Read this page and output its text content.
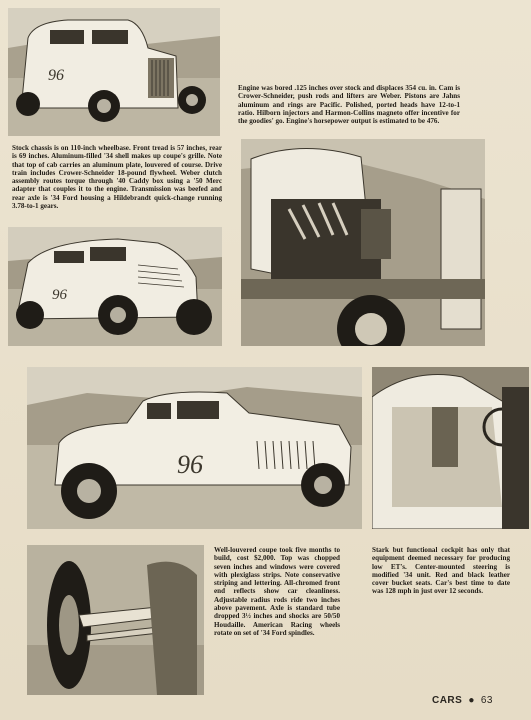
96
Engine was bored .125 inches over stock and displaces 354 cu. in. Cam is Crower-Schneider, push rods and lifters are Weber. Pistons are Jahns aluminum and rings are Pacific. Polished, ported heads have 12-to-1 ratio. Hilborn injectors and Harmon-Collins magneto offer incentive for the goodies' go. Engine's horsepower output is estimated to be 476.
Stock chassis is on 110-inch wheelbase. Front tread is 57 inches, rear is 69 inches. Aluminum-filled '34 shell makes up coupe's grille. Note that top of cab carries an aluminum plate, louvered of course. Drive train includes Crower-Schneider 18-pound flywheel. Weber clutch assembly routes torque through '40 Caddy box using a '50 Merc adapter that couples it to the engine. Transmission was beefed and rear axle is '34 Ford housing a Hildebrandt quick-change running 3.78-to-1 gears.
96
96
Well-louvered coupe took five months to build, cost $2,000. Top was chopped seven inches and windows were covered with plexiglass strips. Note conservative striping and lettering. All-chromed front end reflects show car cleanliness. Adjustable radius rods ride two inches above pavement. Axle is standard tube dropped 3½ inches and shocks are 50/50 Houdaille. American Racing wheels rotate on set of '34 Ford spindles.
Stark but functional cockpit has only that equipment deemed necessary for producing low ET's. Center-mounted steering is modified '34 unit. Red and black leather cover bucket seats. Car's best time to date was 128 mph in just over 12 seconds.
CARS ● 63
